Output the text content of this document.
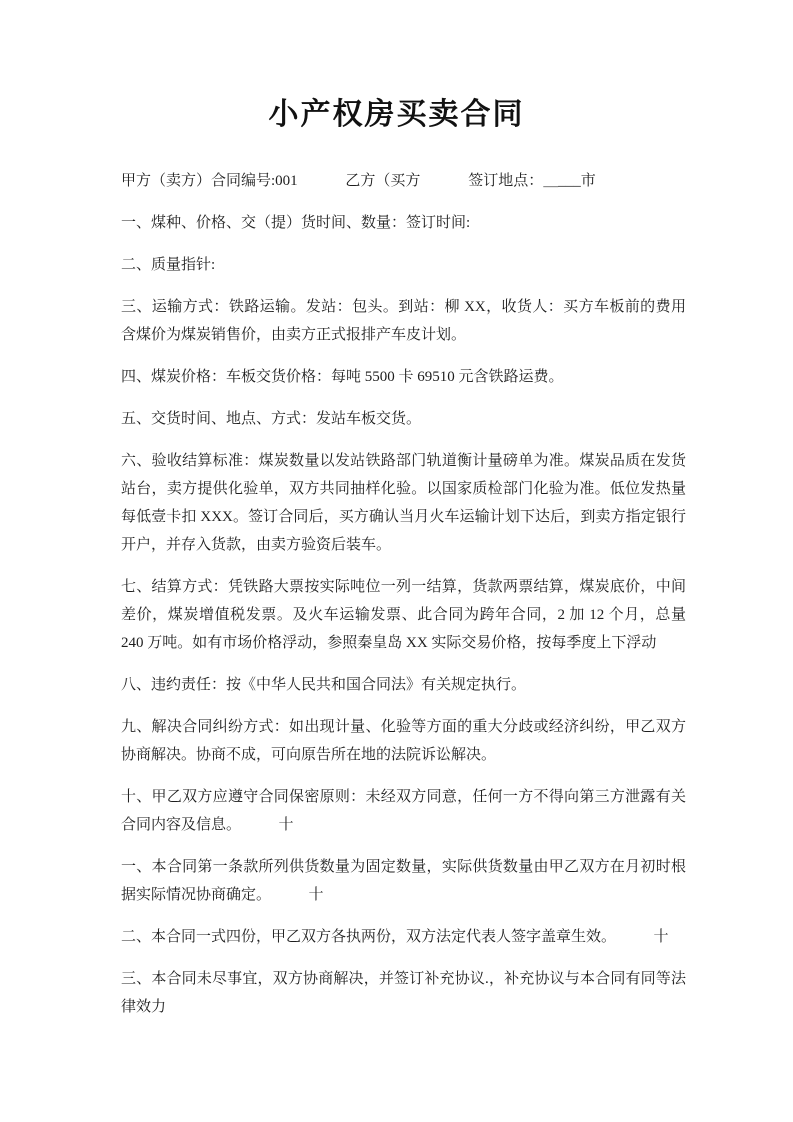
小产权房买卖合同

甲方（卖方）合同编号:001	乙方（买方	签订地点：＿___市

一、煤种、价格、交（提）货时间、数量：签订时间:

二、质量指针:

三、运输方式：铁路运输。发站：包头。到站：柳 XX，收货人：买方车板前的费用含煤价为煤炭销售价，由卖方正式报排产车皮计划。

四、煤炭价格：车板交货价格：每吨 5500 卡 69510 元含铁路运费。

五、交货时间、地点、方式：发站车板交货。

六、验收结算标准：煤炭数量以发站铁路部门轨道衡计量磅单为准。煤炭品质在发货站台，卖方提供化验单，双方共同抽样化验。以国家质检部门化验为准。低位发热量每低壹卡扣 XXX。签订合同后，买方确认当月火车运输计划下达后，到卖方指定银行开户，并存入货款，由卖方验资后装车。

七、结算方式：凭铁路大票按实际吨位一列一结算，货款两票结算，煤炭底价，中间差价，煤炭增值税发票。及火车运输发票、此合同为跨年合同，2 加 12 个月，总量 240 万吨。如有市场价格浮动，参照秦皇岛 XX 实际交易价格，按每季度上下浮动

八、违约责任：按《中华人民共和国合同法》有关规定执行。

九、解决合同纠纷方式：如出现计量、化验等方面的重大分歧或经济纠纷，甲乙双方协商解决。协商不成，可向原告所在地的法院诉讼解决。

十、甲乙双方应遵守合同保密原则：未经双方同意，任何一方不得向第三方泄露有关合同内容及信息。　　　十

一、本合同第一条款所列供货数量为固定数量，实际供货数量由甲乙双方在月初时根据实际情况协商确定。　　　十

二、本合同一式四份，甲乙双方各执两份，双方法定代表人签字盖章生效。　　　十

三、本合同未尽事宜，双方协商解决，并签订补充协议.，补充协议与本合同有同等法律效力
